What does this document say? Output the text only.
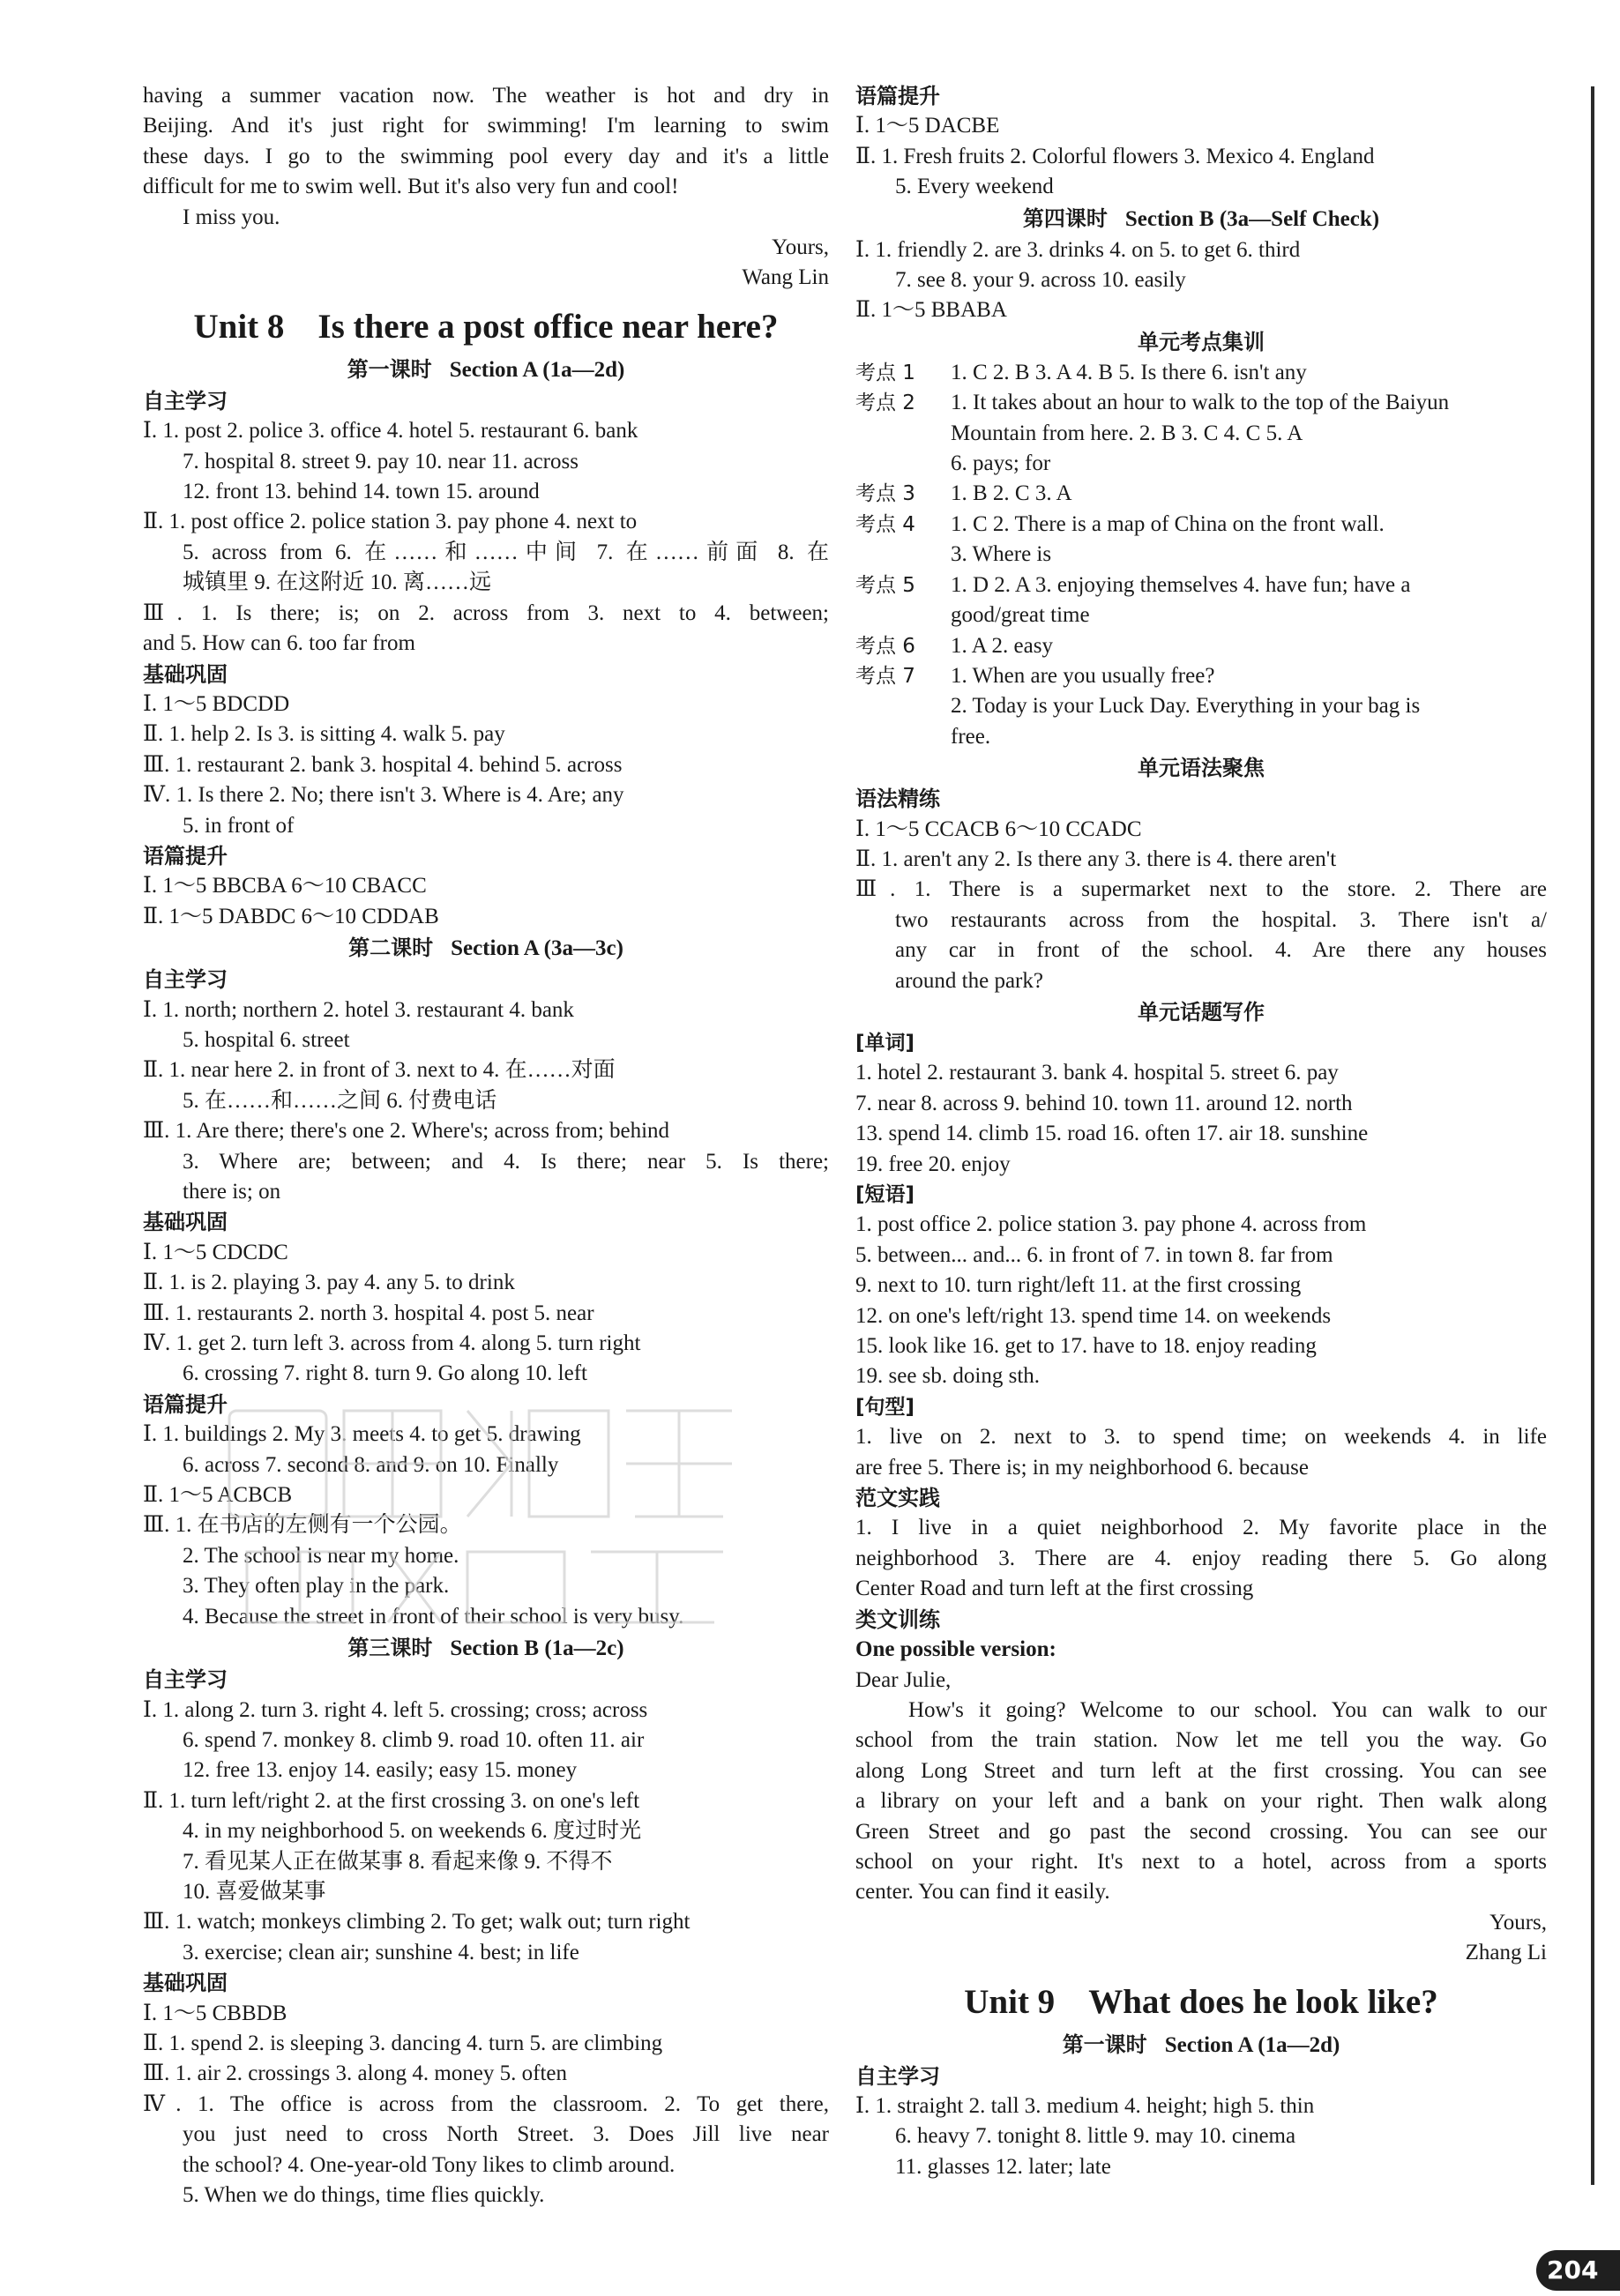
having a summer vacation now. The weather is hot and dry in
Beijing. And it's just right for swimming! I'm learning to swim
these days. I go to the swimming pool every day and it's a little
difficult for me to swim well. But it's also very fun and cool!
I miss you.
Yours,
Wang Lin
Unit 8 Is there a post office near here?
第一课时 Section A (1a—2d)
自主学习
Ⅰ. 1. post 2. police 3. office 4. hotel 5. restaurant 6. bank
7. hospital 8. street 9. pay 10. near 11. across
12. front 13. behind 14. town 15. around
Ⅱ. 1. post office 2. police station 3. pay phone 4. next to
5. across from 6. 在……和……中间 7. 在……前面 8. 在
城镇里 9. 在这附近 10. 离……远
Ⅲ. 1. Is there; is; on 2. across from 3. next to 4. between;
and 5. How can 6. too far from
基础巩固
Ⅰ. 1～5 BDCDD
Ⅱ. 1. help 2. Is 3. is sitting 4. walk 5. pay
Ⅲ. 1. restaurant 2. bank 3. hospital 4. behind 5. across
Ⅳ. 1. Is there 2. No; there isn't 3. Where is 4. Are; any
5. in front of
语篇提升
Ⅰ. 1～5 BBCBA 6～10 CBACC
Ⅱ. 1～5 DABDC 6～10 CDDAB
第二课时 Section A (3a—3c)
自主学习
Ⅰ. 1. north; northern 2. hotel 3. restaurant 4. bank
5. hospital 6. street
Ⅱ. 1. near here 2. in front of 3. next to 4. 在……对面
5. 在……和……之间 6. 付费电话
Ⅲ. 1. Are there; there's one 2. Where's; across from; behind
3. Where are; between; and 4. Is there; near 5. Is there;
there is; on
基础巩固
Ⅰ. 1～5 CDCDC
Ⅱ. 1. is 2. playing 3. pay 4. any 5. to drink
Ⅲ. 1. restaurants 2. north 3. hospital 4. post 5. near
Ⅳ. 1. get 2. turn left 3. across from 4. along 5. turn right
6. crossing 7. right 8. turn 9. Go along 10. left
语篇提升
Ⅰ. 1. buildings 2. My 3. meets 4. to get 5. drawing
6. across 7. second 8. and 9. on 10. Finally
Ⅱ. 1～5 ACBCB
Ⅲ. 1. 在书店的左侧有一个公园。
2. The school is near my home.
3. They often play in the park.
4. Because the street in front of their school is very busy.
第三课时 Section B (1a—2c)
自主学习
Ⅰ. 1. along 2. turn 3. right 4. left 5. crossing; cross; across
6. spend 7. monkey 8. climb 9. road 10. often 11. air
12. free 13. enjoy 14. easily; easy 15. money
Ⅱ. 1. turn left/right 2. at the first crossing 3. on one's left
4. in my neighborhood 5. on weekends 6. 度过时光
7. 看见某人正在做某事 8. 看起来像 9. 不得不
10. 喜爱做某事
Ⅲ. 1. watch; monkeys climbing 2. To get; walk out; turn right
3. exercise; clean air; sunshine 4. best; in life
基础巩固
Ⅰ. 1～5 CBBDB
Ⅱ. 1. spend 2. is sleeping 3. dancing 4. turn 5. are climbing
Ⅲ. 1. air 2. crossings 3. along 4. money 5. often
Ⅳ. 1. The office is across from the classroom. 2. To get there,
you just need to cross North Street. 3. Does Jill live near
the school? 4. One-year-old Tony likes to climb around.
5. When we do things, time flies quickly.
语篇提升
Ⅰ. 1～5 DACBE
Ⅱ. 1. Fresh fruits 2. Colorful flowers 3. Mexico 4. England
5. Every weekend
第四课时 Section B (3a—Self Check)
Ⅰ. 1. friendly 2. are 3. drinks 4. on 5. to get 6. third
7. see 8. your 9. across 10. easily
Ⅱ. 1～5 BBABA
单元考点集训
考点 1 1. C 2. B 3. A 4. B 5. Is there 6. isn't any
考点 2 1. It takes about an hour to walk to the top of the Baiyun
Mountain from here. 2. B 3. C 4. C 5. A
6. pays; for
考点 3 1. B 2. C 3. A
考点 4 1. C 2. There is a map of China on the front wall.
3. Where is
考点 5 1. D 2. A 3. enjoying themselves 4. have fun; have a
good/great time
考点 6 1. A 2. easy
考点 7 1. When are you usually free?
2. Today is your Luck Day. Everything in your bag is
free.
单元语法聚焦
语法精练
Ⅰ. 1～5 CCACB 6～10 CCADC
Ⅱ. 1. aren't any 2. Is there any 3. there is 4. there aren't
Ⅲ. 1. There is a supermarket next to the store. 2. There are
two restaurants across from the hospital. 3. There isn't a/
any car in front of the school. 4. Are there any houses
around the park?
单元话题写作
[单词]
1. hotel 2. restaurant 3. bank 4. hospital 5. street 6. pay
7. near 8. across 9. behind 10. town 11. around 12. north
13. spend 14. climb 15. road 16. often 17. air 18. sunshine
19. free 20. enjoy
[短语]
1. post office 2. police station 3. pay phone 4. across from
5. between... and... 6. in front of 7. in town 8. far from
9. next to 10. turn right/left 11. at the first crossing
12. on one's left/right 13. spend time 14. on weekends
15. look like 16. get to 17. have to 18. enjoy reading
19. see sb. doing sth.
[句型]
1. live on 2. next to 3. to spend time; on weekends 4. in life
are free 5. There is; in my neighborhood 6. because
范文实践
1. I live in a quiet neighborhood 2. My favorite place in the
neighborhood 3. There are 4. enjoy reading there 5. Go along
Center Road and turn left at the first crossing
类文训练
One possible version:
Dear Julie,
How's it going? Welcome to our school. You can walk to our
school from the train station. Now let me tell you the way. Go
along Long Street and turn left at the first crossing. You can see
a library on your left and a bank on your right. Then walk along
Green Street and go past the second crossing. You can see our
school on your right. It's next to a hotel, across from a sports
center. You can find it easily.
Yours,
Zhang Li
Unit 9 What does he look like?
第一课时 Section A (1a—2d)
自主学习
Ⅰ. 1. straight 2. tall 3. medium 4. height; high 5. thin
6. heavy 7. tonight 8. little 9. may 10. cinema
11. glasses 12. later; late
204
